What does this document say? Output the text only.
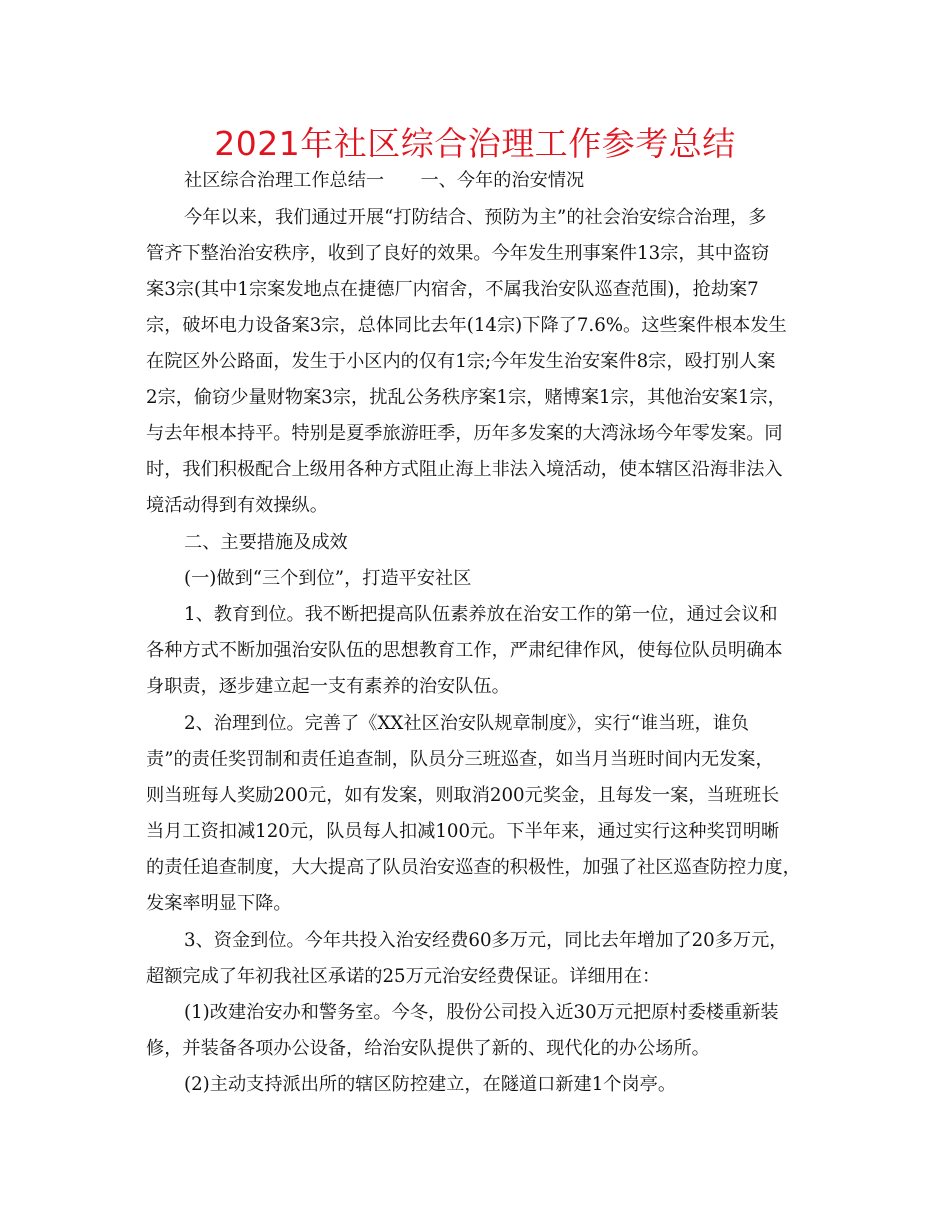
2021年社区综合治理工作参考总结
社区综合治理工作总结一　　一、今年的治安情况
今年以来，我们通过开展“打防结合、预防为主”的社会治安综合治理，多
管齐下整治治安秩序，收到了良好的效果。今年发生刑事案件13宗，其中盗窃
案3宗(其中1宗案发地点在捷德厂内宿舍，不属我治安队巡查范围)，抢劫案7
宗，破坏电力设备案3宗，总体同比去年(14宗)下降了7.6%。这些案件根本发生
在院区外公路面，发生于小区内的仅有1宗;今年发生治安案件8宗，殴打别人案
2宗，偷窃少量财物案3宗，扰乱公务秩序案1宗，赌博案1宗，其他治安案1宗，
与去年根本持平。特别是夏季旅游旺季，历年多发案的大湾泳场今年零发案。同
时，我们积极配合上级用各种方式阻止海上非法入境活动，使本辖区沿海非法入
境活动得到有效操纵。
二、主要措施及成效
(一)做到“三个到位”，打造平安社区
1、教育到位。我不断把提高队伍素养放在治安工作的第一位，通过会议和
各种方式不断加强治安队伍的思想教育工作，严肃纪律作风，使每位队员明确本
身职责，逐步建立起一支有素养的治安队伍。
2、治理到位。完善了《XX社区治安队规章制度》，实行“谁当班，谁负
责”的责任奖罚制和责任追查制，队员分三班巡查，如当月当班时间内无发案，
则当班每人奖励200元，如有发案，则取消200元奖金，且每发一案，当班班长
当月工资扣减120元，队员每人扣减100元。下半年来，通过实行这种奖罚明晰
的责任追查制度，大大提高了队员治安巡查的积极性，加强了社区巡查防控力度，
发案率明显下降。
3、资金到位。今年共投入治安经费60多万元，同比去年增加了20多万元，
超额完成了年初我社区承诺的25万元治安经费保证。详细用在：
(1)改建治安办和警务室。今冬，股份公司投入近30万元把原村委楼重新装
修，并装备各项办公设备，给治安队提供了新的、现代化的办公场所。
(2)主动支持派出所的辖区防控建立，在隧道口新建1个岗亭。
